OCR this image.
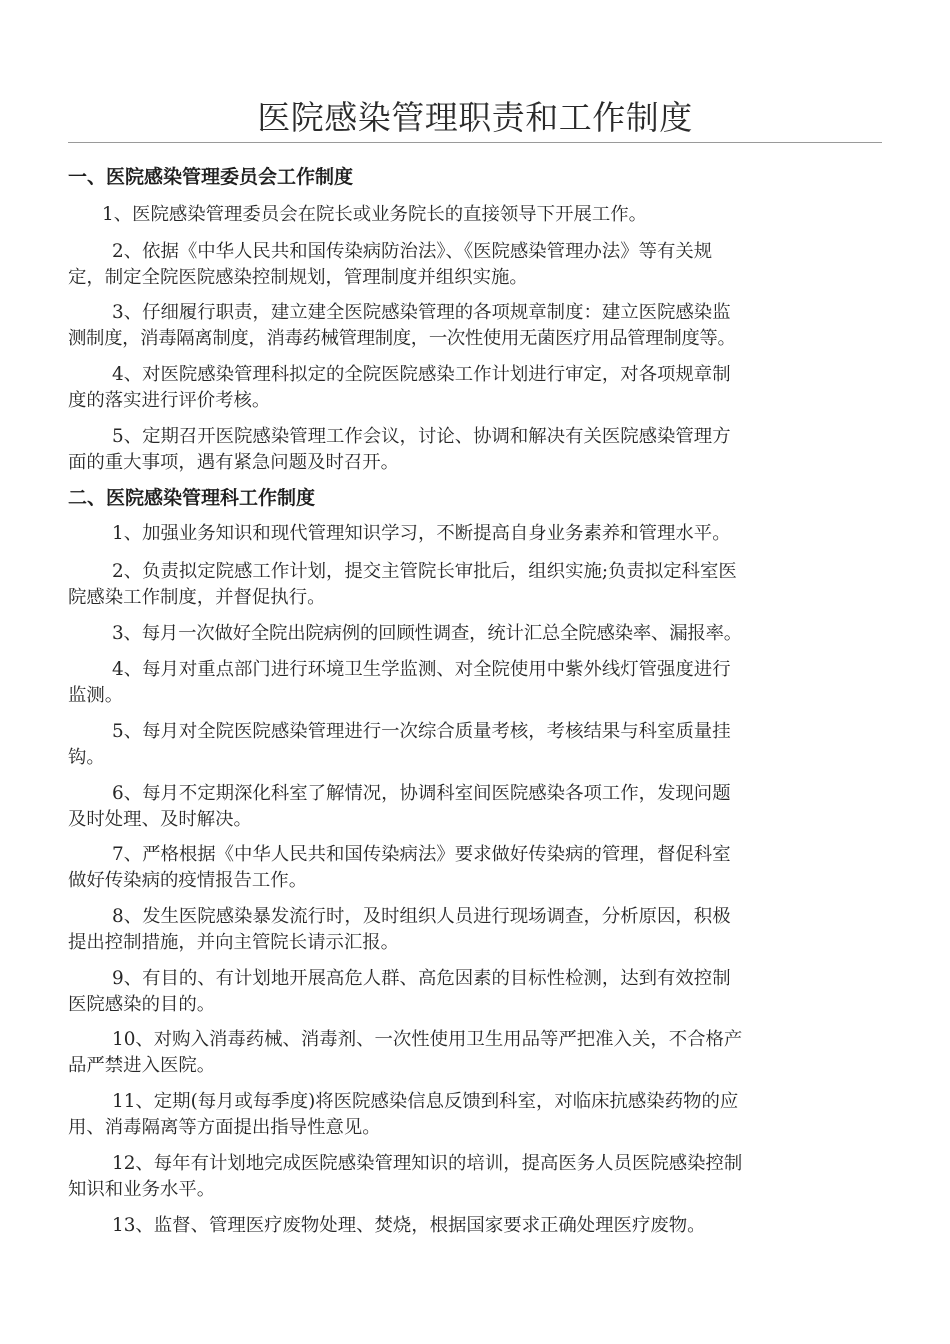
医院感染管理职责和工作制度
一、医院感染管理委员会工作制度
1、医院感染管理委员会在院长或业务院长的直接领导下开展工作。
2、依据《中华人民共和国传染病防治法》、《医院感染管理办法》等有关规
定，制定全院医院感染控制规划，管理制度并组织实施。
3、仔细履行职责，建立建全医院感染管理的各项规章制度：建立医院感染监
测制度，消毒隔离制度，消毒药械管理制度，一次性使用无菌医疗用品管理制度等。
4、对医院感染管理科拟定的全院医院感染工作计划进行审定，对各项规章制
度的落实进行评价考核。
5、定期召开医院感染管理工作会议，讨论、协调和解决有关医院感染管理方
面的重大事项，遇有紧急问题及时召开。
二、医院感染管理科工作制度
1、加强业务知识和现代管理知识学习，不断提高自身业务素养和管理水平。
2、负责拟定院感工作计划，提交主管院长审批后，组织实施;负责拟定科室医
院感染工作制度，并督促执行。
3、每月一次做好全院出院病例的回顾性调查，统计汇总全院感染率、漏报率。
4、每月对重点部门进行环境卫生学监测、对全院使用中紫外线灯管强度进行
监测。
5、每月对全院医院感染管理进行一次综合质量考核，考核结果与科室质量挂
钩。
6、每月不定期深化科室了解情况，协调科室间医院感染各项工作，发现问题
及时处理、及时解决。
7、严格根据《中华人民共和国传染病法》要求做好传染病的管理，督促科室
做好传染病的疫情报告工作。
8、发生医院感染暴发流行时，及时组织人员进行现场调查，分析原因，积极
提出控制措施，并向主管院长请示汇报。
9、有目的、有计划地开展高危人群、高危因素的目标性检测，达到有效控制
医院感染的目的。
10、对购入消毒药械、消毒剂、一次性使用卫生用品等严把准入关，不合格产
品严禁进入医院。
11、定期(每月或每季度)将医院感染信息反馈到科室，对临床抗感染药物的应
用、消毒隔离等方面提出指导性意见。
12、每年有计划地完成医院感染管理知识的培训，提高医务人员医院感染控制
知识和业务水平。
13、监督、管理医疗废物处理、焚烧，根据国家要求正确处理医疗废物。
